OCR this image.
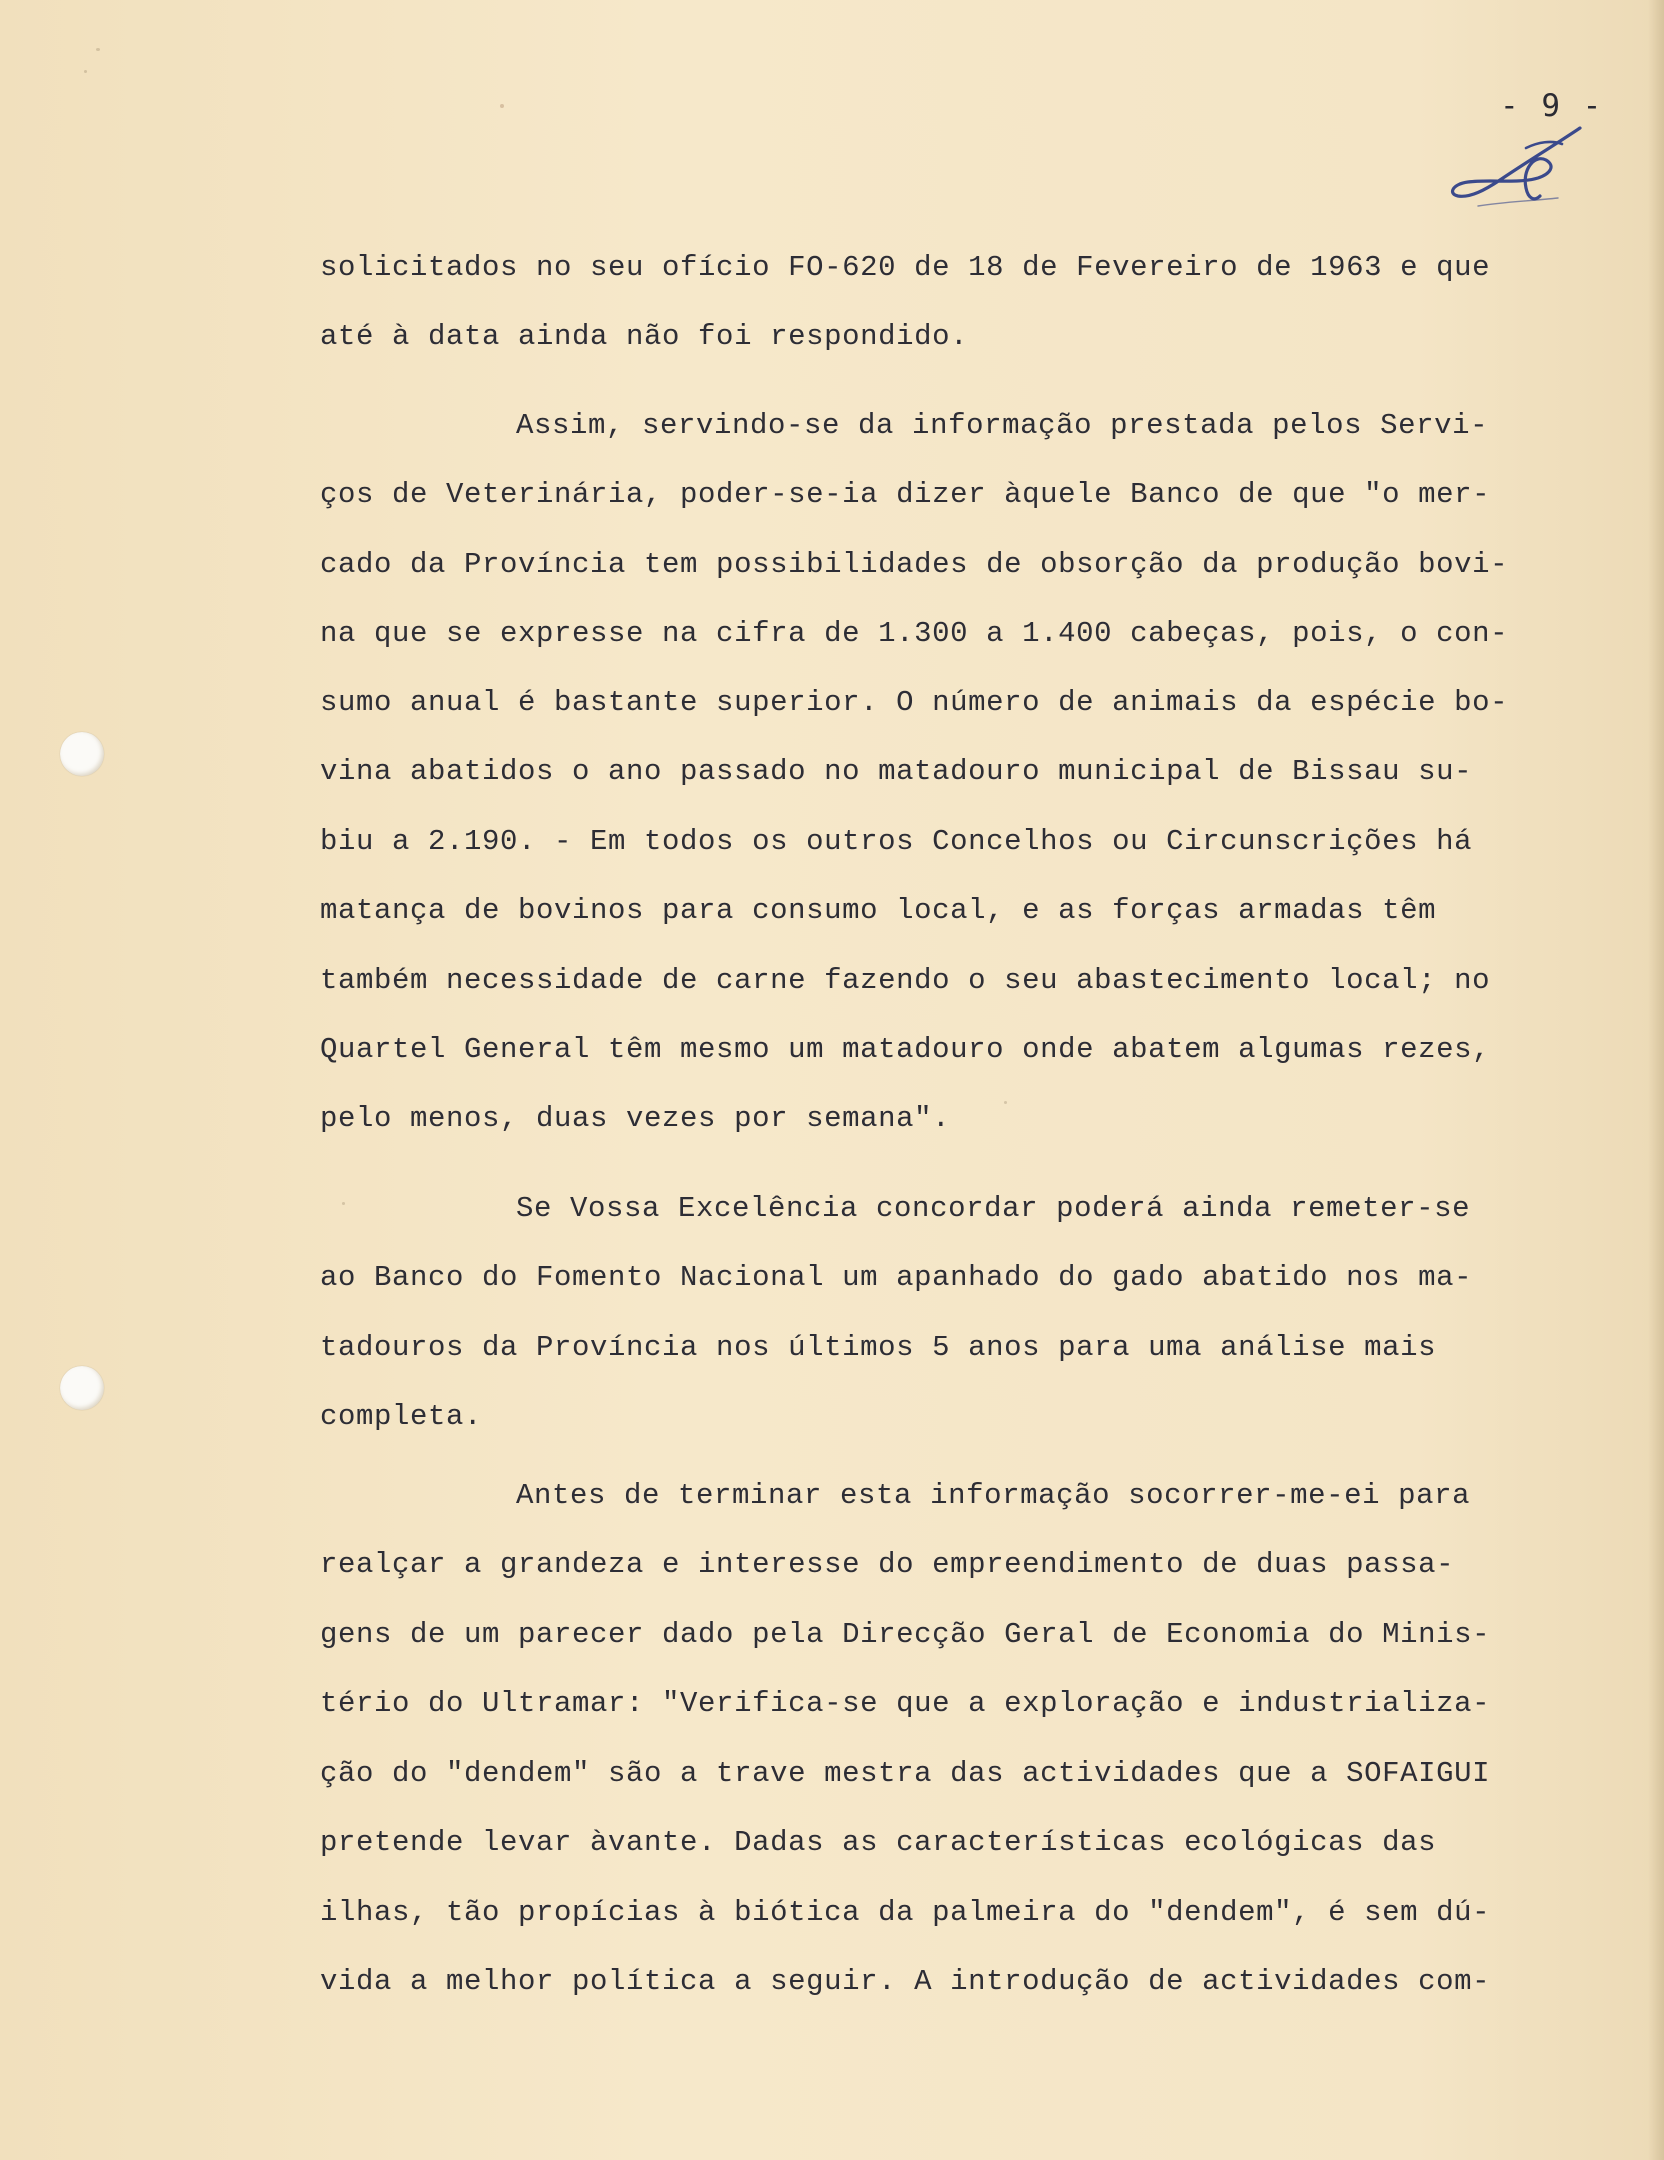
- 9 -
solicitados no seu ofício FO-620 de 18 de Fevereiro de 1963 e que
até à data ainda não foi respondido.
Assim, servindo-se da informação prestada pelos Servi-
ços de Veterinária, poder-se-ia dizer àquele Banco de que "o mer-
cado da Província tem possibilidades de obsorção da produção bovi-
na que se expresse na cifra de 1.300 a 1.400 cabeças, pois, o con-
sumo anual é bastante superior. O número de animais da espécie bo-
vina abatidos o ano passado no matadouro municipal de Bissau su-
biu a 2.190. - Em todos os outros Concelhos ou Circunscrições há
matança de bovinos para consumo local, e as forças armadas têm
também necessidade de carne fazendo o seu abastecimento local; no
Quartel General têm mesmo um matadouro onde abatem algumas rezes,
pelo menos, duas vezes por semana".
Se Vossa Excelência concordar poderá ainda remeter-se
ao Banco do Fomento Nacional um apanhado do gado abatido nos ma-
tadouros da Província nos últimos 5 anos para uma análise mais
completa.
Antes de terminar esta informação socorrer-me-ei para
realçar a grandeza e interesse do empreendimento de duas passa-
gens de um parecer dado pela Direcção Geral de Economia do Minis-
tério do Ultramar: "Verifica-se que a exploração e industrializa-
ção do "dendem" são a trave mestra das actividades que a SOFAIGUI
pretende levar àvante. Dadas as características ecológicas das
ilhas, tão propícias à biótica da palmeira do "dendem", é sem dú-
vida a melhor política a seguir. A introdução de actividades com-
